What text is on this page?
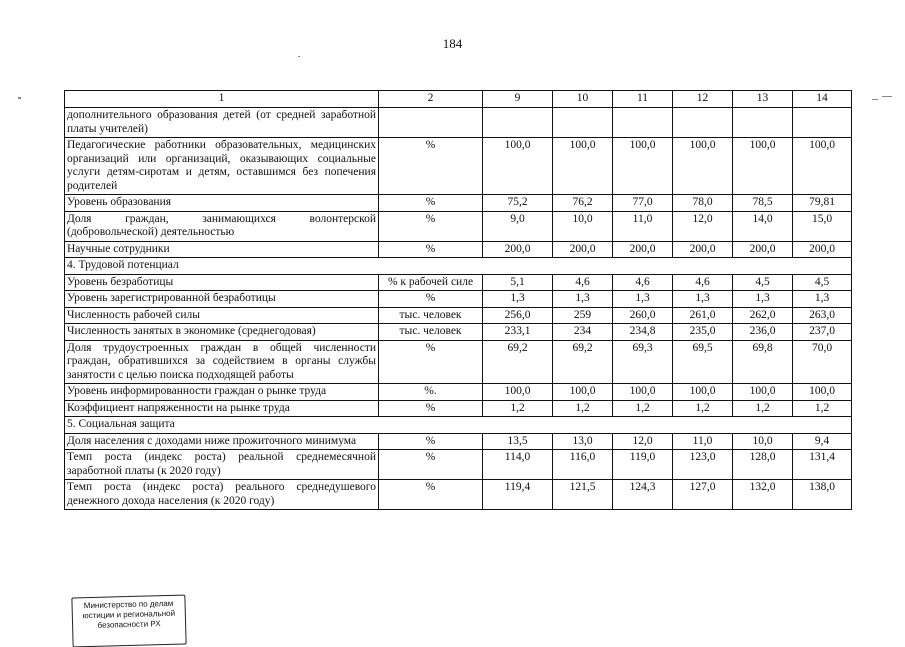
184
1	2	9	10	11	12	13	14
дополнительного образования детей (от средней заработной платы учителей)							
Педагогические работники образовательных, медицинских организаций или организаций, оказывающих социальные услуги детям-сиротам и детям, оставшимся без попечения родителей	%	100,0	100,0	100,0	100,0	100,0	100,0
Уровень образования	%	75,2	76,2	77,0	78,0	78,5	79,81
Доля граждан, занимающихся волонтерской (добровольческой) деятельностью	%	9,0	10,0	11,0	12,0	14,0	15,0
Научные сотрудники	%	200,0	200,0	200,0	200,0	200,0	200,0
4. Трудовой потенциал							
Уровень безработицы	% к рабочей силе	5,1	4,6	4,6	4,6	4,5	4,5
Уровень зарегистрированной безработицы	%	1,3	1,3	1,3	1,3	1,3	1,3
Численность рабочей силы	тыс. человек	256,0	259	260,0	261,0	262,0	263,0
Численность занятых в экономике (среднегодовая)	тыс. человек	233,1	234	234,8	235,0	236,0	237,0
Доля трудоустроенных граждан в общей численности граждан, обратившихся за содействием в органы службы занятости с целью поиска подходящей работы	%	69,2	69,2	69,3	69,5	69,8	70,0
Уровень информированности граждан о рынке труда	%.	100,0	100,0	100,0	100,0	100,0	100,0
Коэффициент напряженности на рынке труда	%	1,2	1,2	1,2	1,2	1,2	1,2
5. Социальная защита							
Доля населения с доходами ниже прожиточного минимума	%	13,5	13,0	12,0	11,0	10,0	9,4
Темп роста (индекс роста) реальной среднемесячной заработной платы (к 2020 году)	%	114,0	116,0	119,0	123,0	128,0	131,4
Темп роста (индекс роста) реального среднедушевого денежного дохода населения (к 2020 году)	%	119,4	121,5	124,3	127,0	132,0	138,0
Министерство по делам
юстиции и региональной
безопасности РХ
